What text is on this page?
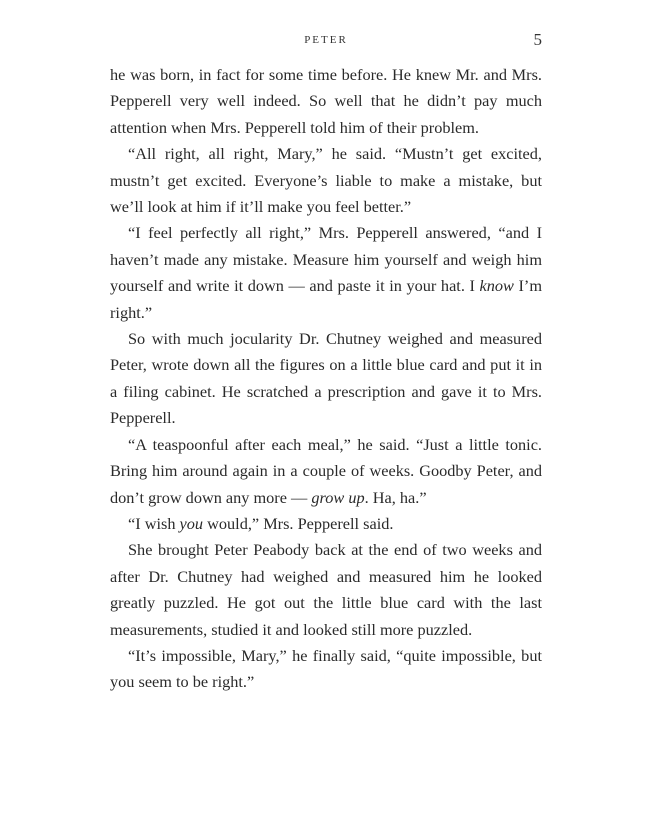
PETER	5

he was born, in fact for some time before. He knew Mr. and Mrs. Pepperell very well indeed. So well that he didn’t pay much attention when Mrs. Pepperell told him of their problem.

“All right, all right, Mary,” he said. “Mustn’t get excited, mustn’t get excited. Everyone’s liable to make a mistake, but we’ll look at him if it’ll make you feel better.”

“I feel perfectly all right,” Mrs. Pepperell answered, “and I haven’t made any mistake. Measure him yourself and weigh him yourself and write it down — and paste it in your hat. I know I’m right.”

So with much jocularity Dr. Chutney weighed and measured Peter, wrote down all the figures on a little blue card and put it in a filing cabinet. He scratched a prescription and gave it to Mrs. Pepperell.

“A teaspoonful after each meal,” he said. “Just a little tonic. Bring him around again in a couple of weeks. Goodby Peter, and don’t grow down any more — grow up. Ha, ha.”

“I wish you would,” Mrs. Pepperell said.

She brought Peter Peabody back at the end of two weeks and after Dr. Chutney had weighed and measured him he looked greatly puzzled. He got out the little blue card with the last measurements, studied it and looked still more puzzled.

“It’s impossible, Mary,” he finally said, “quite impossible, but you seem to be right.”
